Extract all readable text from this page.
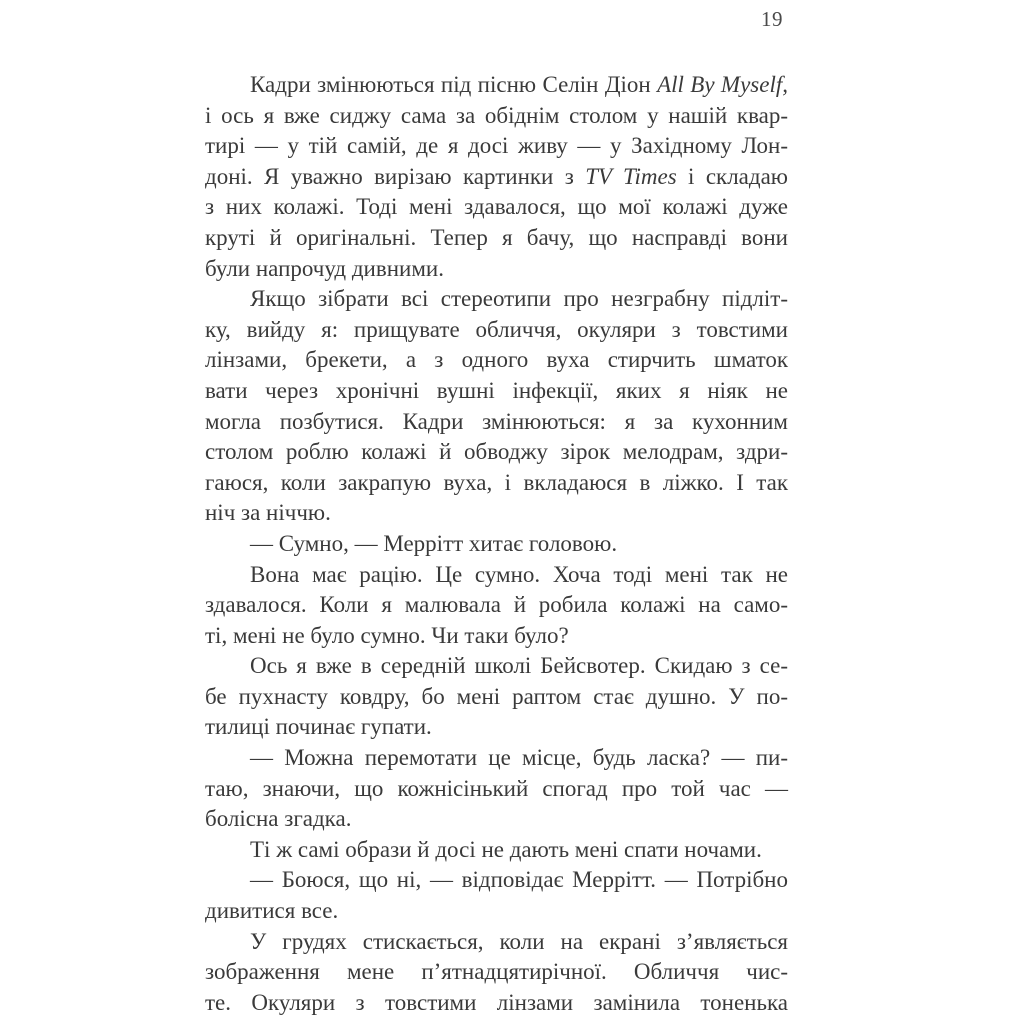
19
Кадри змінюються під пісню Селін Діон All By Myself,
і ось я вже сиджу сама за обіднім столом у нашій квар-
тирі — у тій самій, де я досі живу — у Західному Лон-
доні. Я уважно вирізаю картинки з TV Times і складаю
з них колажі. Тоді мені здавалося, що мої колажі дуже
круті й оригінальні. Тепер я бачу, що насправді вони
були напрочуд дивними.
Якщо зібрати всі стереотипи про незграбну підліт-
ку, вийду я: прищувате обличчя, окуляри з товстими
лінзами, брекети, а з одного вуха стирчить шматок
вати через хронічні вушні інфекції, яких я ніяк не
могла позбутися. Кадри змінюються: я за кухонним
столом роблю колажі й обводжу зірок мелодрам, здри-
гаюся, коли закрапую вуха, і вкладаюся в ліжко. І так
ніч за ніччю.
— Сумно, — Меррітт хитає головою.
Вона має рацію. Це сумно. Хоча тоді мені так не
здавалося. Коли я малювала й робила колажі на само-
ті, мені не було сумно. Чи таки було?
Ось я вже в середній школі Бейсвотер. Скидаю з се-
бе пухнасту ковдру, бо мені раптом стає душно. У по-
тилиці починає гупати.
— Можна перемотати це місце, будь ласка? — пи-
таю, знаючи, що кожнісінький спогад про той час —
болісна згадка.
Ті ж самі образи й досі не дають мені спати ночами.
— Боюся, що ні, — відповідає Меррітт. — Потрібно
дивитися все.
У грудях стискається, коли на екрані з’являється
зображення мене п’ятнадцятирічної. Обличчя чис-
те. Окуляри з товстими лінзами замінила тоненька
